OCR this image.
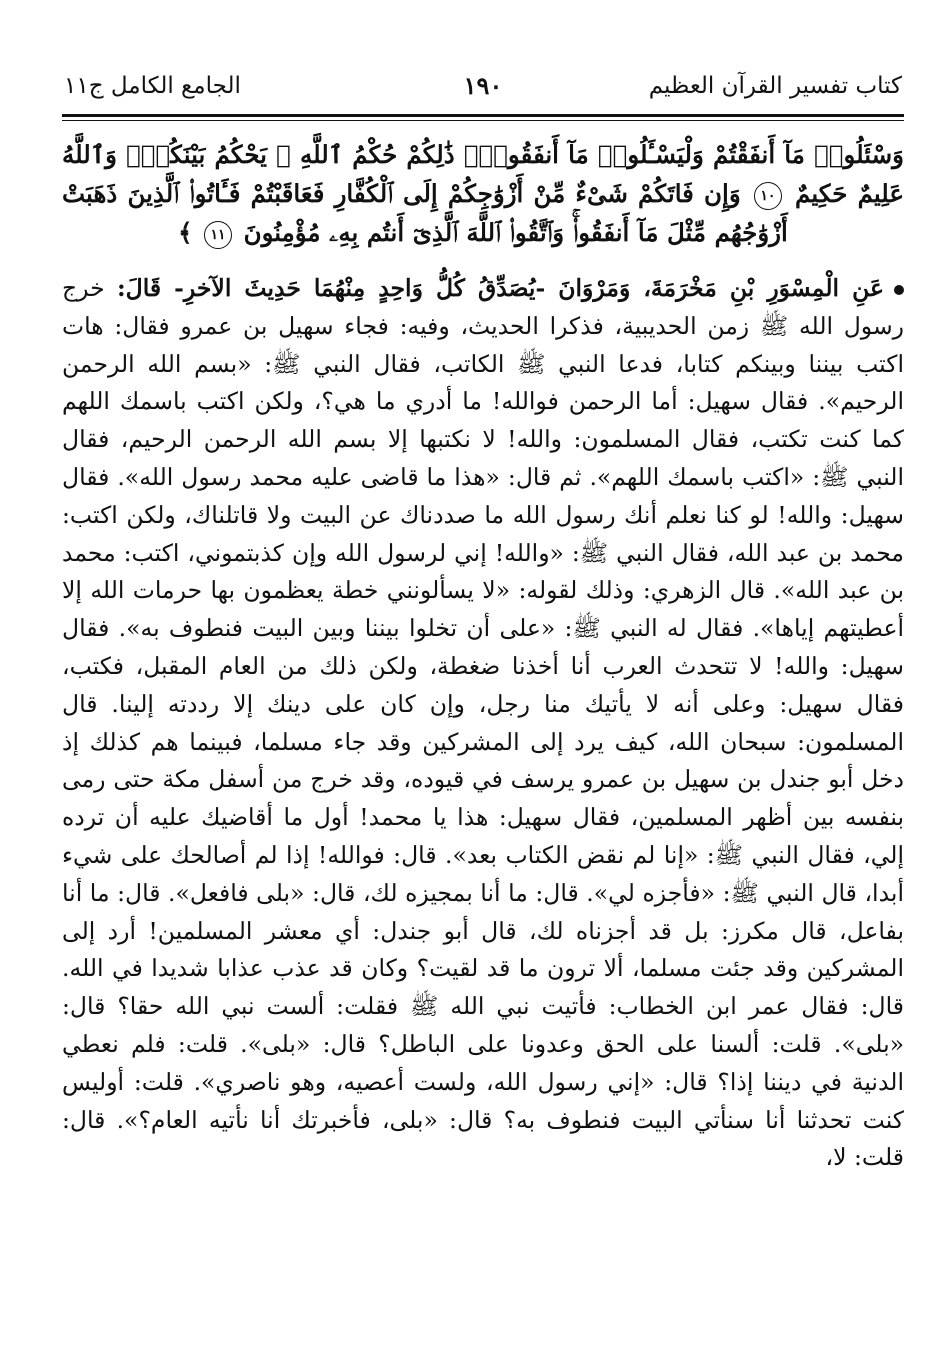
كتاب تفسير القرآن العظيم
١٩٠
الجامع الكامل ج١١
وَسْئَلُوا۟ مَآ أَنفَقْتُمْ وَلْيَسْـَٔلُوا۟ مَآ أَنفَقُوا۟ۚ ذَٰلِكُمْ حُكْمُ ٱللَّهِ ۖ يَحْكُمُ بَيْنَكُمْۚ وَٱللَّهُ عَلِيمٌ حَكِيمٌ ١٠ وَإِن فَاتَكُمْ شَىْءٌ مِّنْ أَزْوَٰجِكُمْ إِلَى ٱلْكُفَّارِ فَعَاقَبْتُمْ فَـَٔاتُوا۟ ٱلَّذِينَ ذَهَبَتْ أَزْوَٰجُهُم مِّثْلَ مَآ أَنفَقُوا۟ۚ وَٱتَّقُوا۟ ٱللَّهَ ٱلَّذِىٓ أَنتُم بِهِۦ مُؤْمِنُونَ ١١ ﴾
عَنِ الْمِسْوَرِ بْنِ مَخْرَمَةَ، وَمَرْوَانَ -يُصَدِّقُ كُلُّ وَاحِدٍ مِنْهُمَا حَدِيثَ الآخرِ- قَالَ: خرج رسول الله ﷺ زمن الحديبية، فذكرا الحديث، وفيه: فجاء سهيل بن عمرو فقال: هات اكتب بيننا وبينكم كتابا، فدعا النبي ﷺ الكاتب، فقال النبي ﷺ: «بسم الله الرحمن الرحيم». فقال سهيل: أما الرحمن فوالله! ما أدري ما هي؟، ولكن اكتب باسمك اللهم كما كنت تكتب، فقال المسلمون: والله! لا نكتبها إلا بسم الله الرحمن الرحيم، فقال النبي ﷺ: «اكتب باسمك اللهم». ثم قال: «هذا ما قاضى عليه محمد رسول الله». فقال سهيل: والله! لو كنا نعلم أنك رسول الله ما صددناك عن البيت ولا قاتلناك، ولكن اكتب: محمد بن عبد الله، فقال النبي ﷺ: «والله! إني لرسول الله وإن كذبتموني، اكتب: محمد بن عبد الله». قال الزهري: وذلك لقوله: «لا يسألونني خطة يعظمون بها حرمات الله إلا أعطيتهم إياها». فقال له النبي ﷺ: «على أن تخلوا بيننا وبين البيت فنطوف به». فقال سهيل: والله! لا تتحدث العرب أنا أخذنا ضغطة، ولكن ذلك من العام المقبل، فكتب، فقال سهيل: وعلى أنه لا يأتيك منا رجل، وإن كان على دينك إلا رددته إلينا. قال المسلمون: سبحان الله، كيف يرد إلى المشركين وقد جاء مسلما، فبينما هم كذلك إذ دخل أبو جندل بن سهيل بن عمرو يرسف في قيوده، وقد خرج من أسفل مكة حتى رمى بنفسه بين أظهر المسلمين، فقال سهيل: هذا يا محمد! أول ما أقاضيك عليه أن ترده إلي، فقال النبي ﷺ: «إنا لم نقض الكتاب بعد». قال: فوالله! إذا لم أصالحك على شيء أبدا، قال النبي ﷺ: «فأجزه لي». قال: ما أنا بمجيزه لك، قال: «بلى فافعل». قال: ما أنا بفاعل، قال مكرز: بل قد أجزناه لك، قال أبو جندل: أي معشر المسلمين! أرد إلى المشركين وقد جئت مسلما، ألا ترون ما قد لقيت؟ وكان قد عذب عذابا شديدا في الله. قال: فقال عمر ابن الخطاب: فأتيت نبي الله ﷺ فقلت: ألست نبي الله حقا؟ قال: «بلى». قلت: ألسنا على الحق وعدونا على الباطل؟ قال: «بلى». قلت: فلم نعطي الدنية في ديننا إذا؟ قال: «إني رسول الله، ولست أعصيه، وهو ناصري». قلت: أوليس كنت تحدثنا أنا سنأتي البيت فنطوف به؟ قال: «بلى، فأخبرتك أنا نأتيه العام؟». قال: قلت: لا،
